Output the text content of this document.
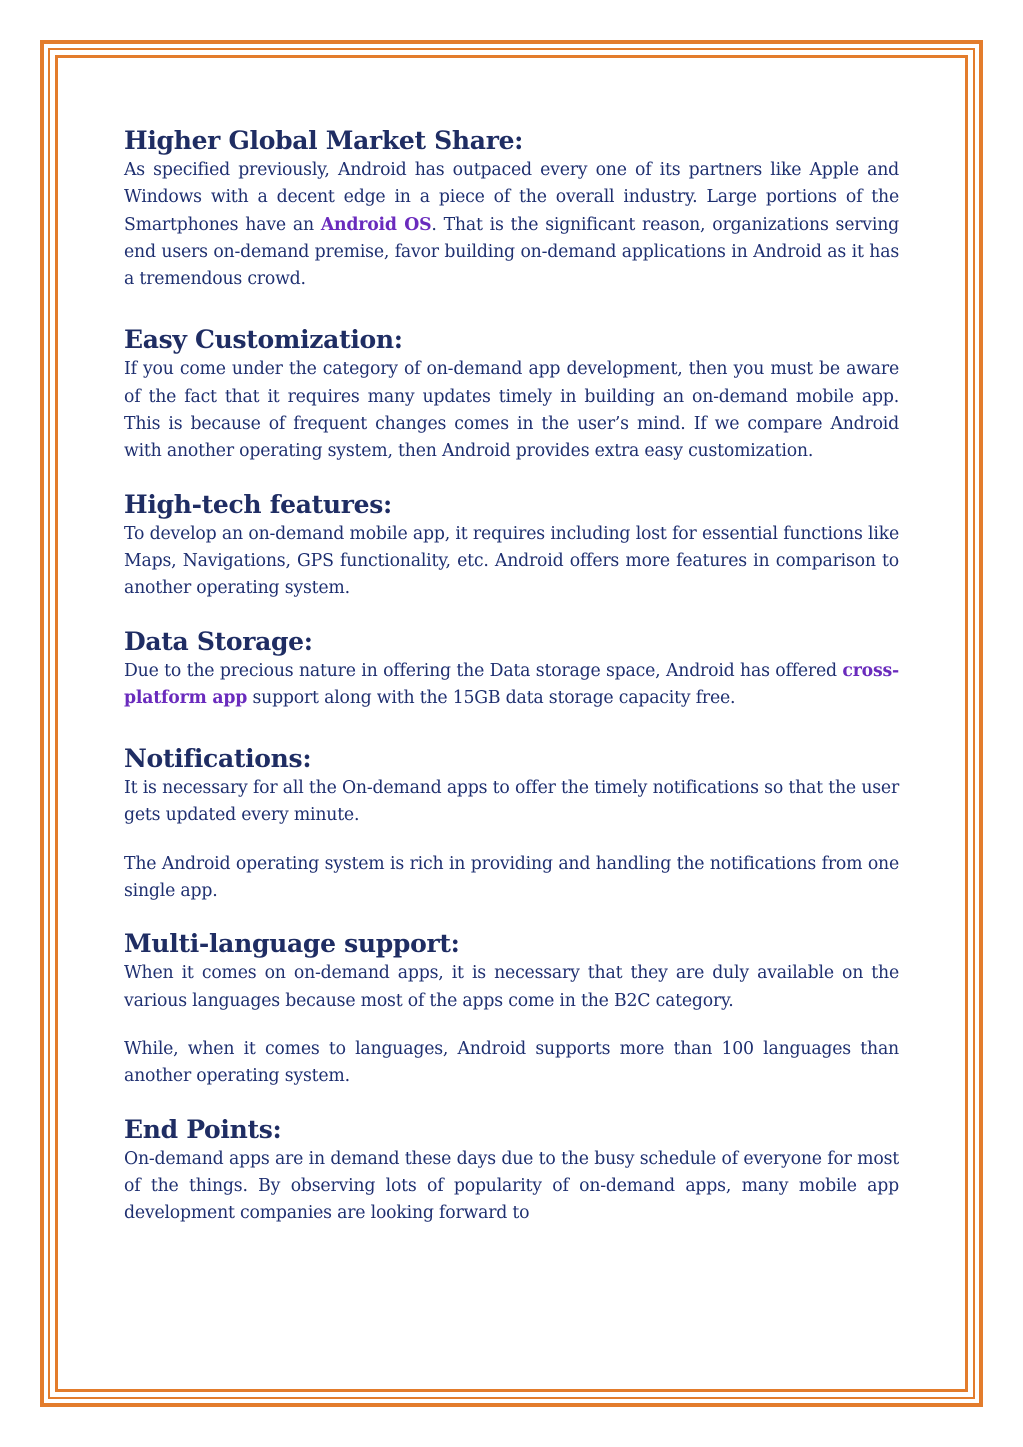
Higher Global Market Share:

As specified previously, Android has outpaced every one of its partners like Apple and Windows with a decent edge in a piece of the overall industry. Large portions of the Smartphones have an Android OS. That is the significant reason, organizations serving end users on-demand premise, favor building on-demand applications in Android as it has a tremendous crowd.

Easy Customization:

If you come under the category of on-demand app development, then you must be aware of the fact that it requires many updates timely in building an on-demand mobile app. This is because of frequent changes comes in the user’s mind. If we compare Android with another operating system, then Android provides extra easy customization.

High-tech features:

To develop an on-demand mobile app, it requires including lost for essential functions like Maps, Navigations, GPS functionality, etc. Android offers more features in comparison to another operating system.

Data Storage:

Due to the precious nature in offering the Data storage space, Android has offered cross-platform app support along with the 15GB data storage capacity free.

Notifications:

It is necessary for all the On-demand apps to offer the timely notifications so that the user gets updated every minute.

The Android operating system is rich in providing and handling the notifications from one single app.

Multi-language support:

When it comes on on-demand apps, it is necessary that they are duly available on the various languages because most of the apps come in the B2C category.

While, when it comes to languages, Android supports more than 100 languages than another operating system.

End Points:

On-demand apps are in demand these days due to the busy schedule of everyone for most of the things. By observing lots of popularity of on-demand apps, many mobile app development companies are looking forward to
